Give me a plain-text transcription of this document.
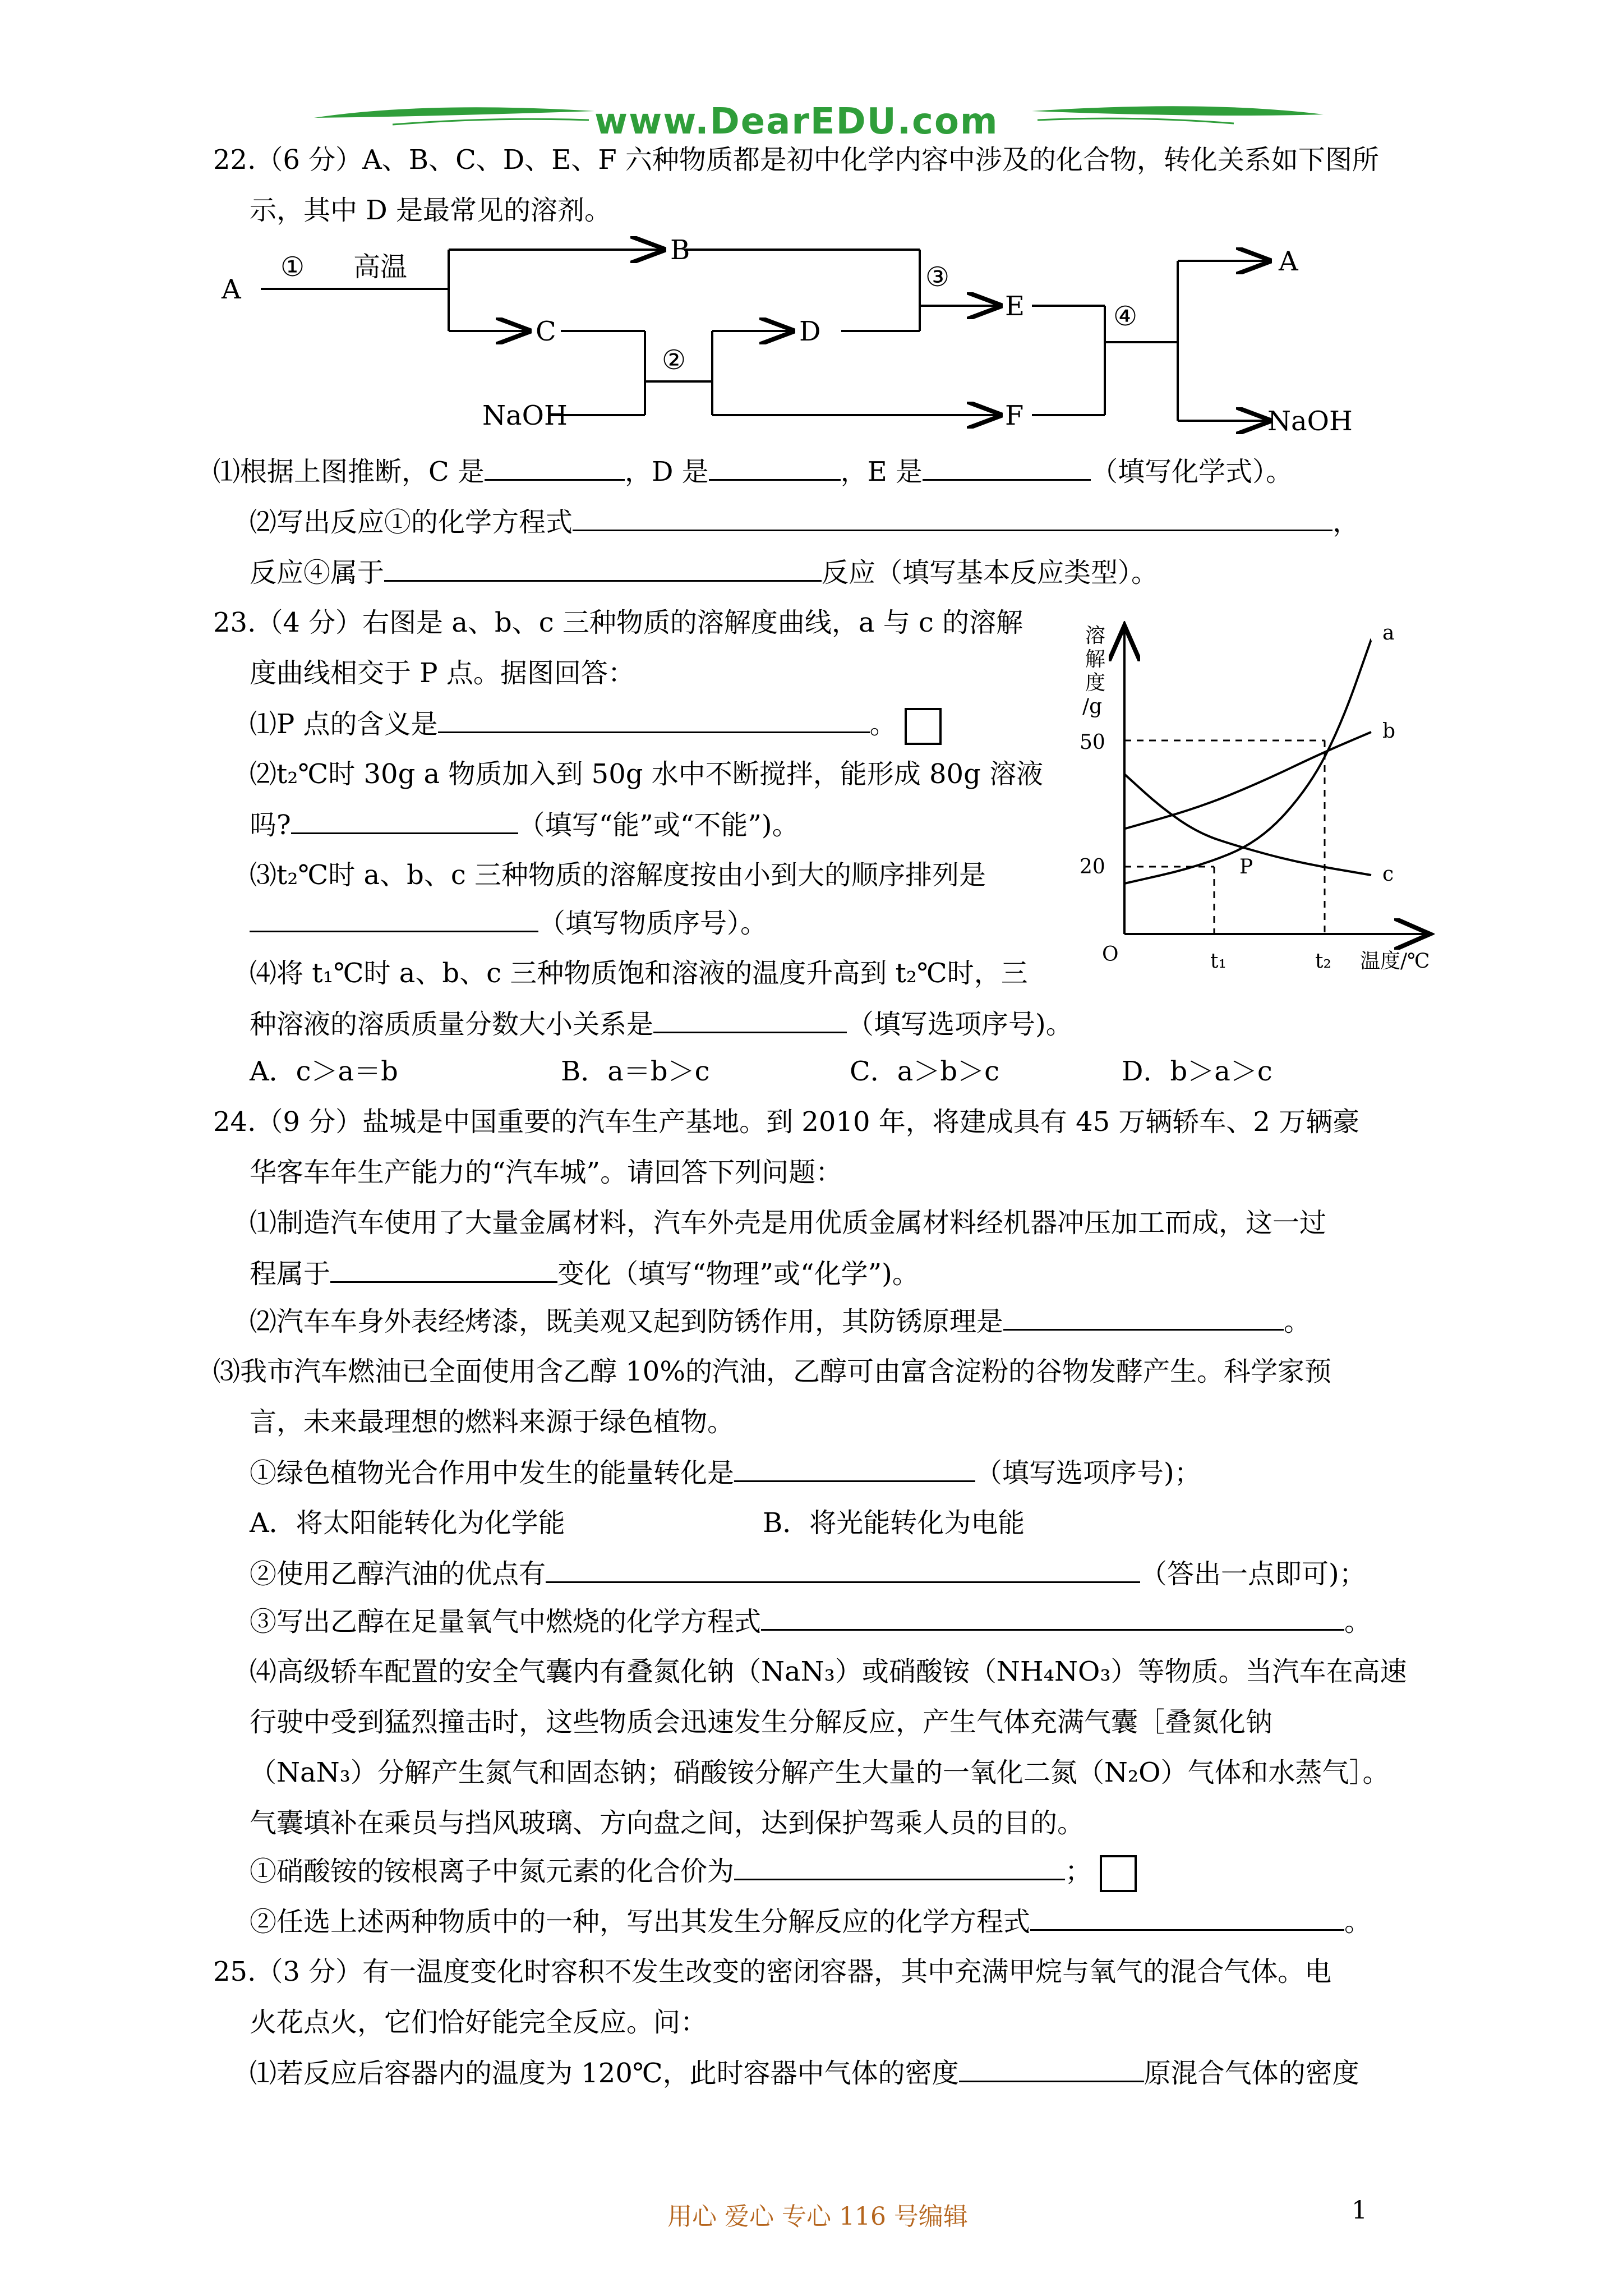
www.DearEDU.com
22.（6 分）A、B、C、D、E、F 六种物质都是初中化学内容中涉及的化合物，转化关系如下图所
示，其中 D 是最常见的溶剂。
A
① 高温
B
C
NaOH
②
D
③
E
F
④
A
NaOH
⑴根据上图推断，C 是	，D 是	，E 是	（填写化学式）。
⑵写出反应①的化学方程式	，
反应④属于	反应（填写基本反应类型）。
23.（4 分）右图是 a、b、c 三种物质的溶解度曲线，a 与 c 的溶解
度曲线相交于 P 点。据图回答：
⑴P 点的含义是	。
⑵t₂℃时 30g a 物质加入到 50g 水中不断搅拌，能形成 80g 溶液
吗?	（填写“能”或“不能”)。
⑶t₂℃时 a、b、c 三种物质的溶解度按由小到大的顺序排列是
（填写物质序号）。
⑷将 t₁℃时 a、b、c 三种物质饱和溶液的温度升高到 t₂℃时，三
种溶液的溶质质量分数大小关系是	（填写选项序号)。
A．c＞a＝b	B．a＝b＞c	C．a＞b＞c	D．b＞a＞c
溶
解
度
/g
50
20
O	t₁	t₂ 温度/℃
P
a
b
c
24.（9 分）盐城是中国重要的汽车生产基地。到 2010 年，将建成具有 45 万辆轿车、2 万辆豪
华客车年生产能力的“汽车城”。请回答下列问题：
⑴制造汽车使用了大量金属材料，汽车外壳是用优质金属材料经机器冲压加工而成，这一过
程属于	变化（填写“物理”或“化学”)。
⑵汽车车身外表经烤漆，既美观又起到防锈作用，其防锈原理是	。
⑶我市汽车燃油已全面使用含乙醇 10%的汽油，乙醇可由富含淀粉的谷物发酵产生。科学家预
言，未来最理想的燃料来源于绿色植物。
①绿色植物光合作用中发生的能量转化是	（填写选项序号)；
A．将太阳能转化为化学能	B．将光能转化为电能
②使用乙醇汽油的优点有	（答出一点即可)；
③写出乙醇在足量氧气中燃烧的化学方程式	。
⑷高级轿车配置的安全气囊内有叠氮化钠（NaN₃）或硝酸铵（NH₄NO₃）等物质。当汽车在高速
行驶中受到猛烈撞击时，这些物质会迅速发生分解反应，产生气体充满气囊［叠氮化钠
（NaN₃）分解产生氮气和固态钠；硝酸铵分解产生大量的一氧化二氮（N₂O）气体和水蒸气］。
气囊填补在乘员与挡风玻璃、方向盘之间，达到保护驾乘人员的目的。
①硝酸铵的铵根离子中氮元素的化合价为	；
②任选上述两种物质中的一种，写出其发生分解反应的化学方程式	。
25.（3 分）有一温度变化时容积不发生改变的密闭容器，其中充满甲烷与氧气的混合气体。电
火花点火，它们恰好能完全反应。问：
⑴若反应后容器内的温度为 120℃，此时容器中气体的密度	原混合气体的密度
用心 爱心 专心 116 号编辑	1
